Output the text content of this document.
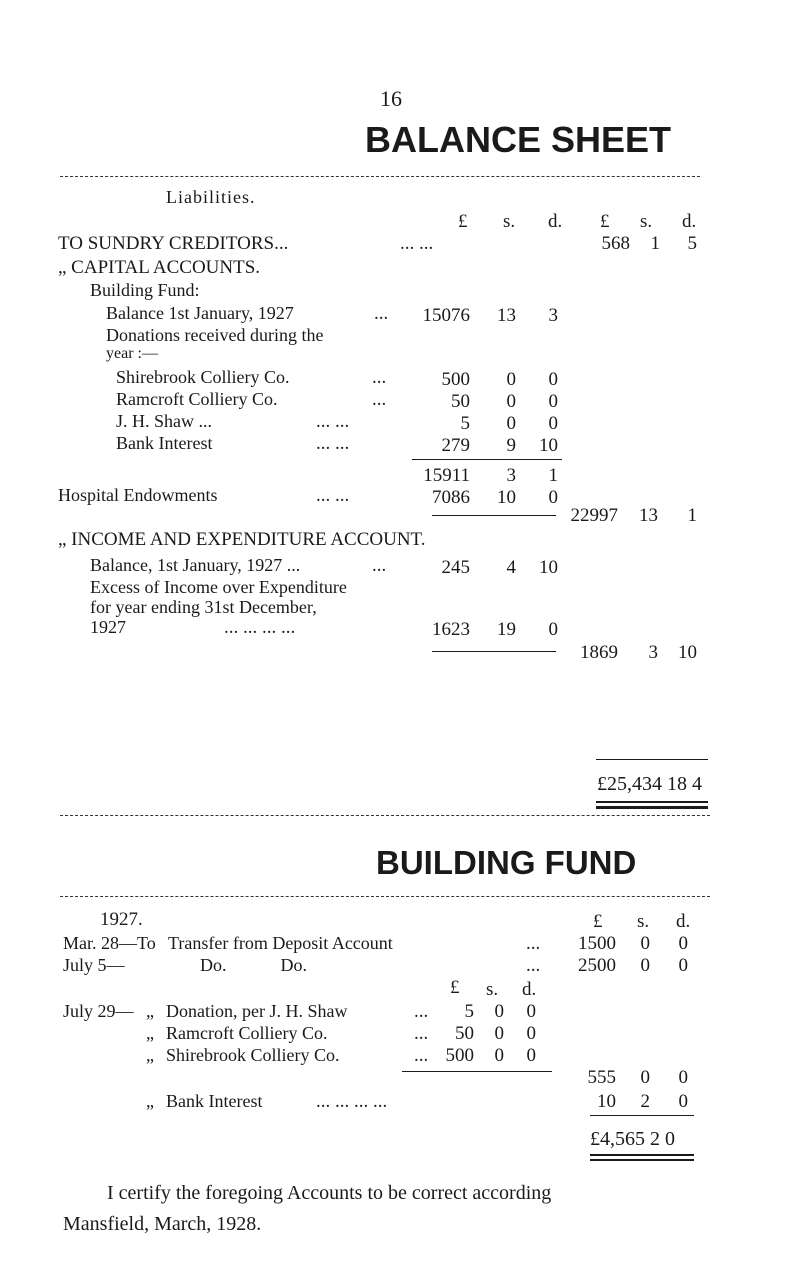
16
BALANCE SHEET
Liabilities.
£ s. d. £ s. d.
TO SUNDRY CREDITORS...	... ...	568	1	5
„ CAPITAL ACCOUNTS.
Building Fund:
Balance 1st January, 1927	...	15076	13	3
Donations received during the
year :—
Shirebrook Colliery Co.	...	500	0	0
Ramcroft Colliery Co.	...	50	0	0
J. H. Shaw ...	... ...	5	0	0
Bank Interest	... ...	279	9	10
15911	3	1
Hospital Endowments	... ...	7086	10	0
22997	13	1
„ INCOME AND EXPENDITURE ACCOUNT.
Balance, 1st January, 1927 ...	...	245	4	10
Excess of Income over Expenditure
for year ending 31st December,
1927	... ... ... ...	1623	19	0
1869	3	10
£25,434 18 4
BUILDING FUND
1927.	£ s. d.
Mar. 28—To Transfer from Deposit Account	...	1500	0	0
July 5—	Do.            Do.	...	2500	0	0
£ s. d.
July 29— „ Donation, per J. H. Shaw	...	5	0	0
„ Ramcroft Colliery Co.	...	50	0	0
„ Shirebrook Colliery Co.	... 500	0	0
555	0	0
„ Bank Interest	... ... ... ...	10	2	0
£4,565 2 0
I certify the foregoing Accounts to be correct according
Mansfield, March, 1928.
